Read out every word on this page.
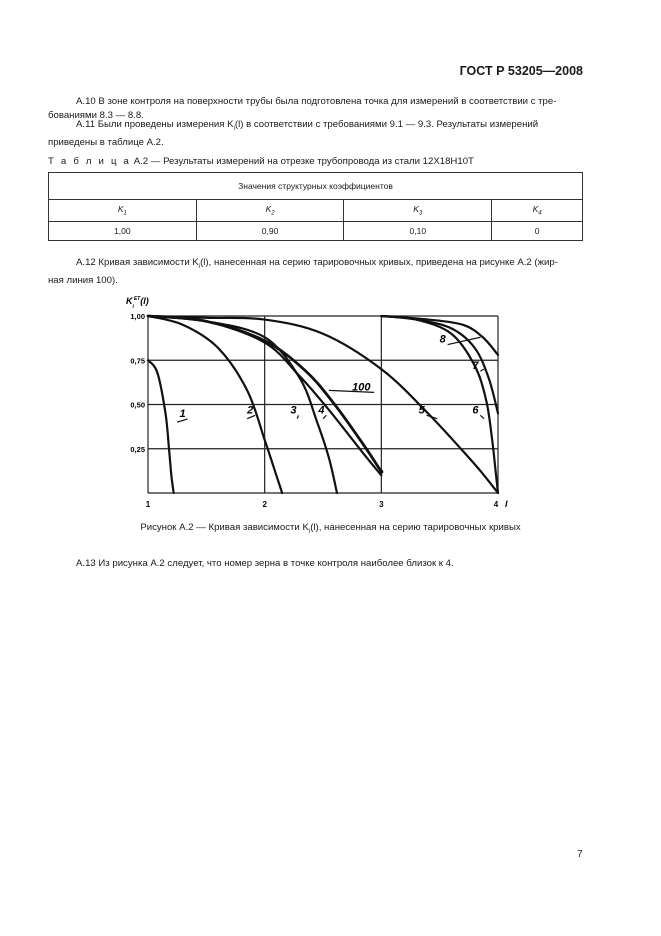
ГОСТ Р 53205—2008
А.10 В зоне контроля на поверхности трубы была подготовлена точка для измерений в соответствии с тре-
бованиями 8.3 — 8.8.
А.11 Были проведены измерения $K_i(l)$ в соответствии с требованиями 9.1 — 9.3. Результаты измерений
приведены в таблице А.2.
Т а б л и ц а А.2 — Результаты измерений на отрезке трубопровода из стали 12Х18Н10Т
Значения структурных коэффициентов			
$K_1$	$K_2$	$K_3$	$K_4$
1,00	0,90	0,10	0
А.12 Кривая зависимости $K_i(l)$, нанесенная на серию тарировочных кривых, приведена на рисунке А.2 (жир-
ная линия 100).
1,00
0,75
0,50
0,25
1	2	3	4
1	2	3 4	5	6
7
8
100
$K_i^{ET}(l)$
l
Рисунок А.2 — Кривая зависимости $K_i(l)$, нанесенная на серию тарировочных кривых
А.13 Из рисунка А.2 следует, что номер зерна в точке контроля наиболее близок к 4.
7
